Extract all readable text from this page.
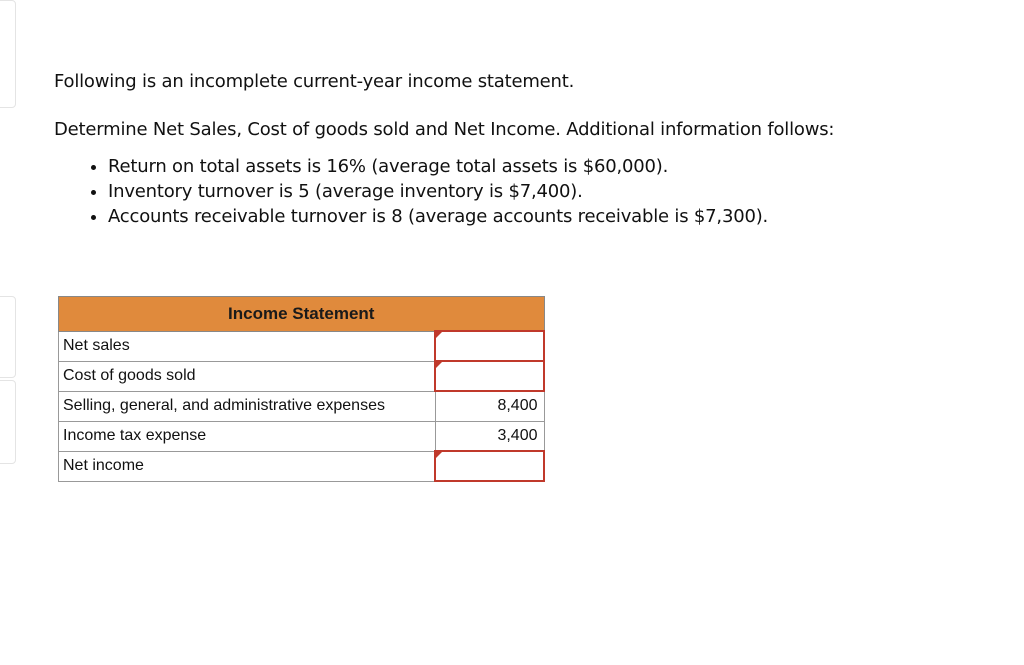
Following is an incomplete current-year income statement.

Determine Net Sales, Cost of goods sold and Net Income. Additional information follows:

• Return on total assets is 16% (average total assets is $60,000).
• Inventory turnover is 5 (average inventory is $7,400).
• Accounts receivable turnover is 8 (average accounts receivable is $7,300).
Income Statement	
Net sales	
Cost of goods sold	
Selling, general, and administrative expenses	8,400
Income tax expense	3,400
Net income	
